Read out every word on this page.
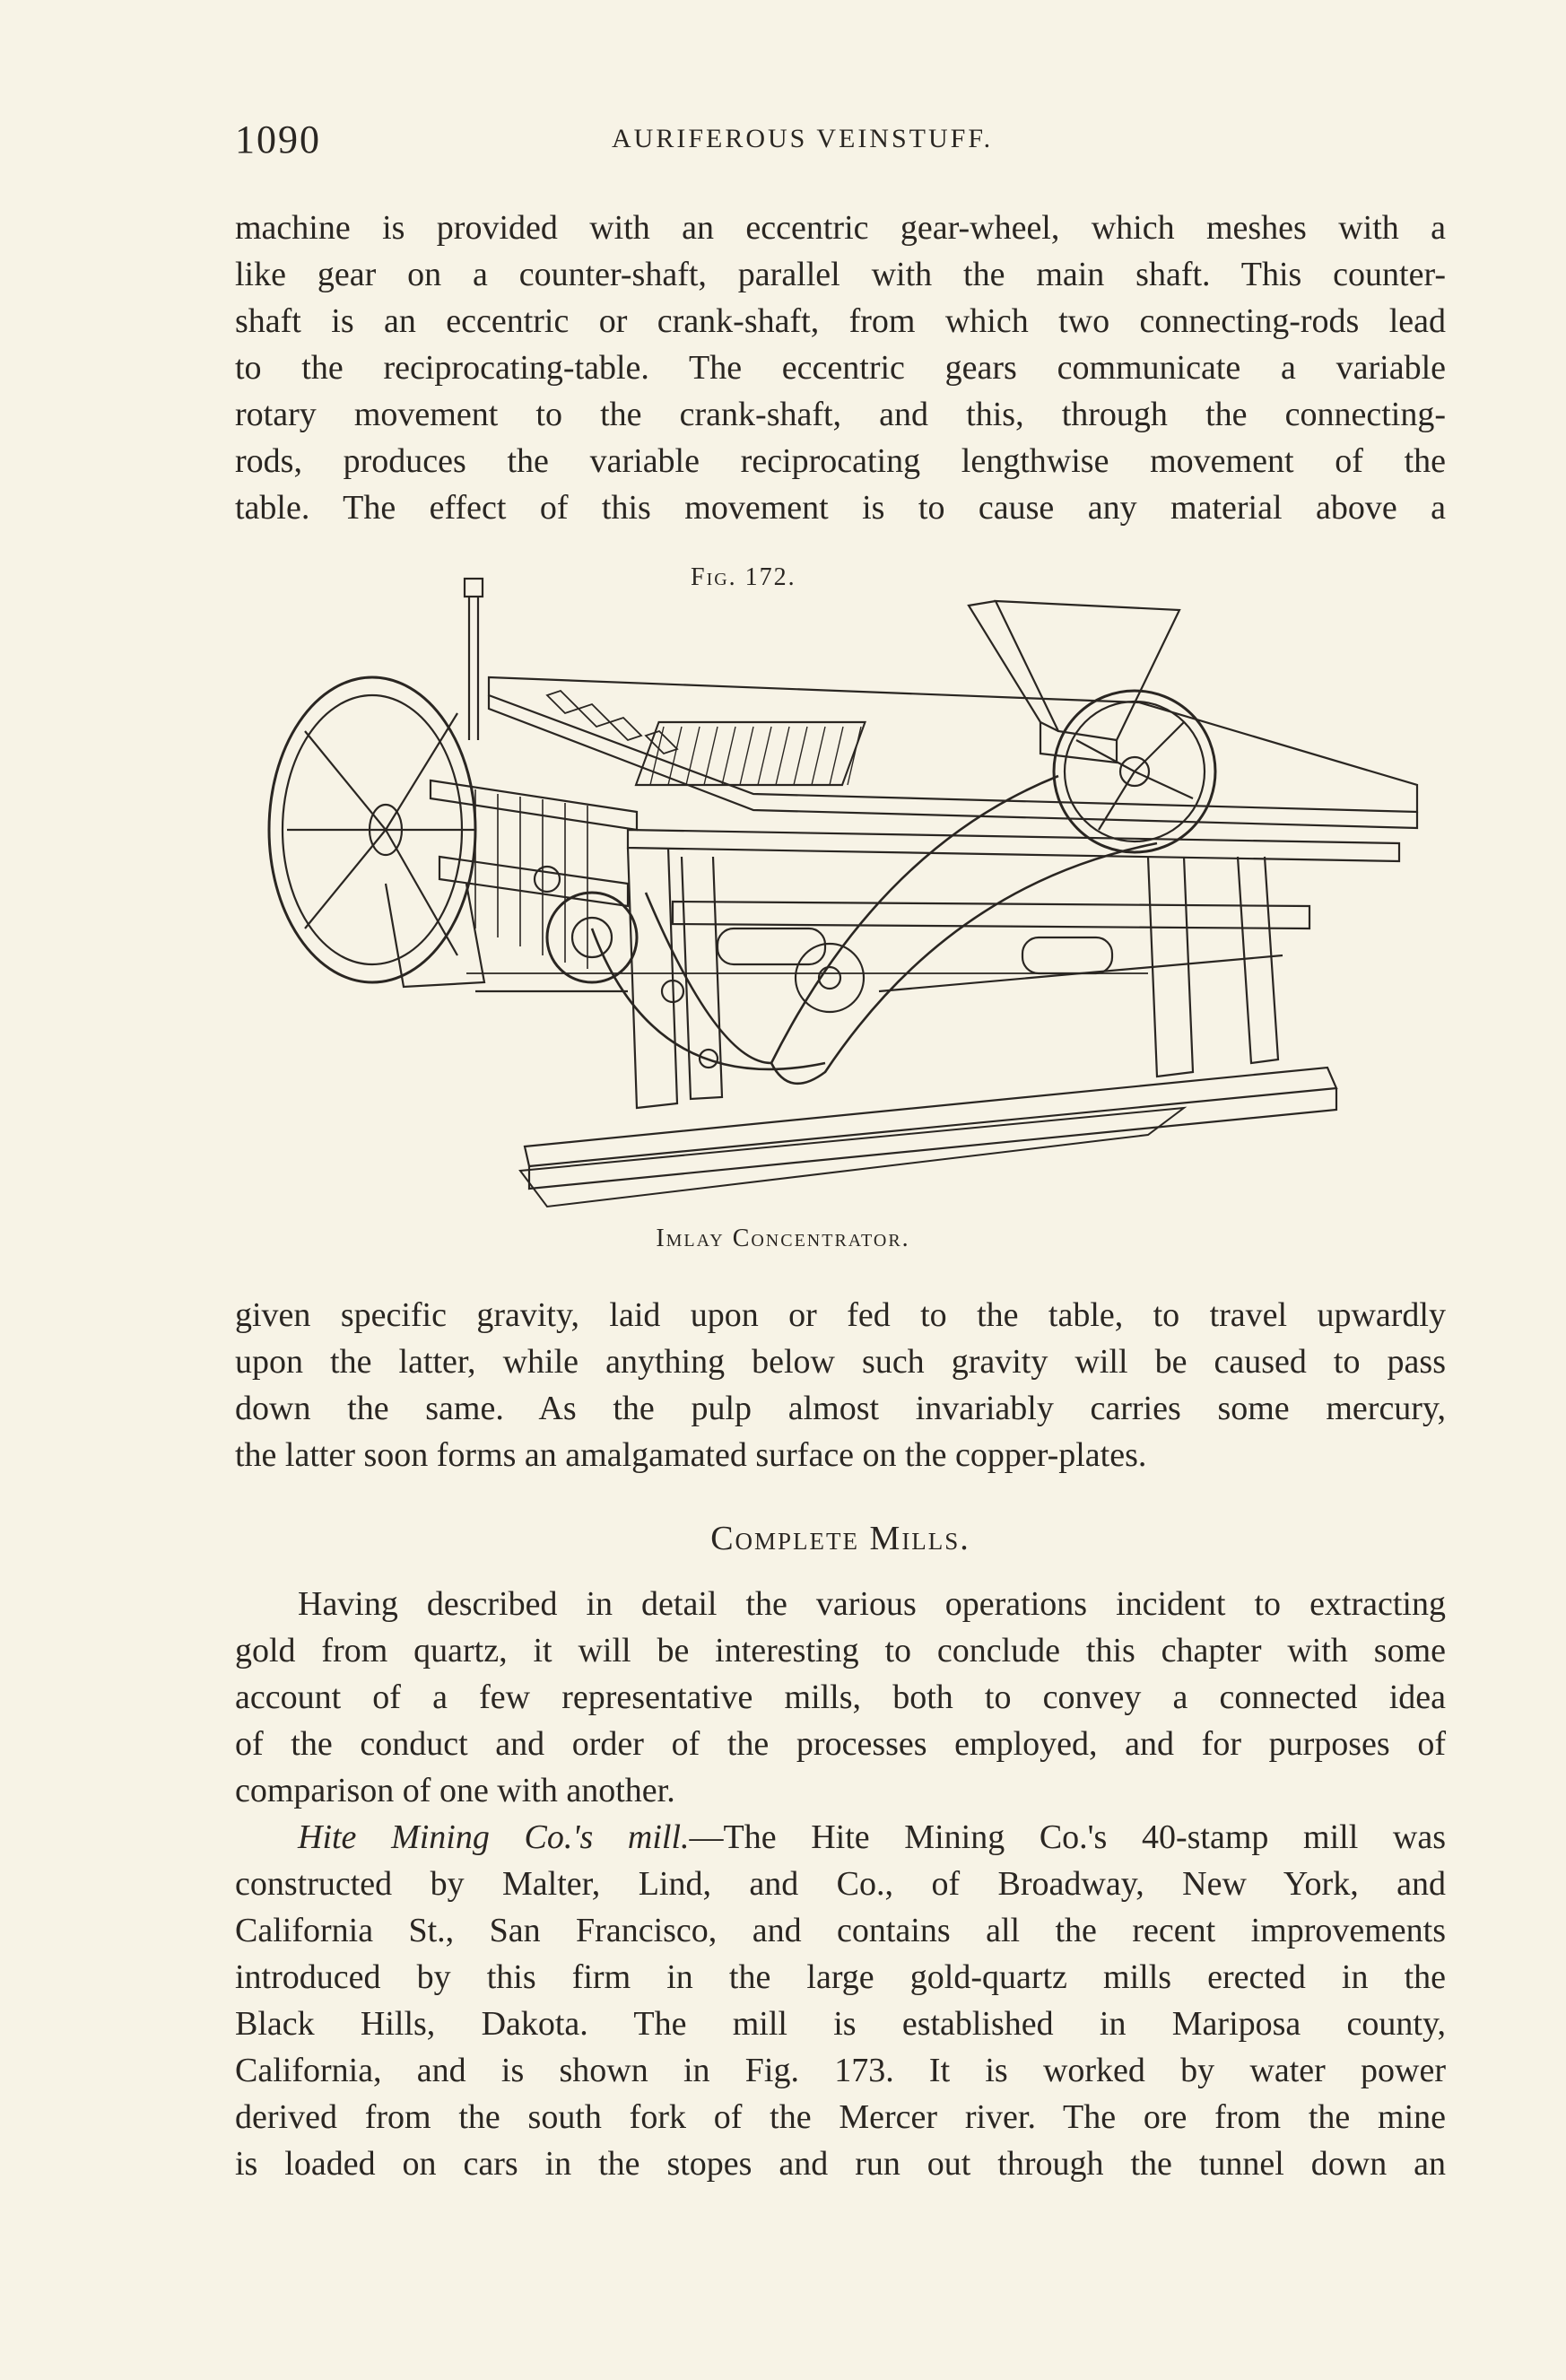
1090	AURIFEROUS VEINSTUFF.
machine is provided with an eccentric gear-wheel, which meshes with a
like gear on a counter-shaft, parallel with the main shaft. This counter-
shaft is an eccentric or crank-shaft, from which two connecting-rods lead
to the reciprocating-table. The eccentric gears communicate a variable
rotary movement to the crank-shaft, and this, through the connecting-
rods, produces the variable reciprocating lengthwise movement of the
table. The effect of this movement is to cause any material above a
Fig. 172.
Imlay Concentrator.
given specific gravity, laid upon or fed to the table, to travel upwardly
upon the latter, while anything below such gravity will be caused to pass
down the same. As the pulp almost invariably carries some mercury,
the latter soon forms an amalgamated surface on the copper-plates.
Complete Mills.
Having described in detail the various operations incident to extracting
gold from quartz, it will be interesting to conclude this chapter with some
account of a few representative mills, both to convey a connected idea
of the conduct and order of the processes employed, and for purposes of
comparison of one with another.
Hite Mining Co.'s mill.—The Hite Mining Co.'s 40-stamp mill was
constructed by Malter, Lind, and Co., of Broadway, New York, and
California St., San Francisco, and contains all the recent improvements
introduced by this firm in the large gold-quartz mills erected in the
Black Hills, Dakota. The mill is established in Mariposa county,
California, and is shown in Fig. 173. It is worked by water power
derived from the south fork of the Mercer river. The ore from the mine
is loaded on cars in the stopes and run out through the tunnel down an
